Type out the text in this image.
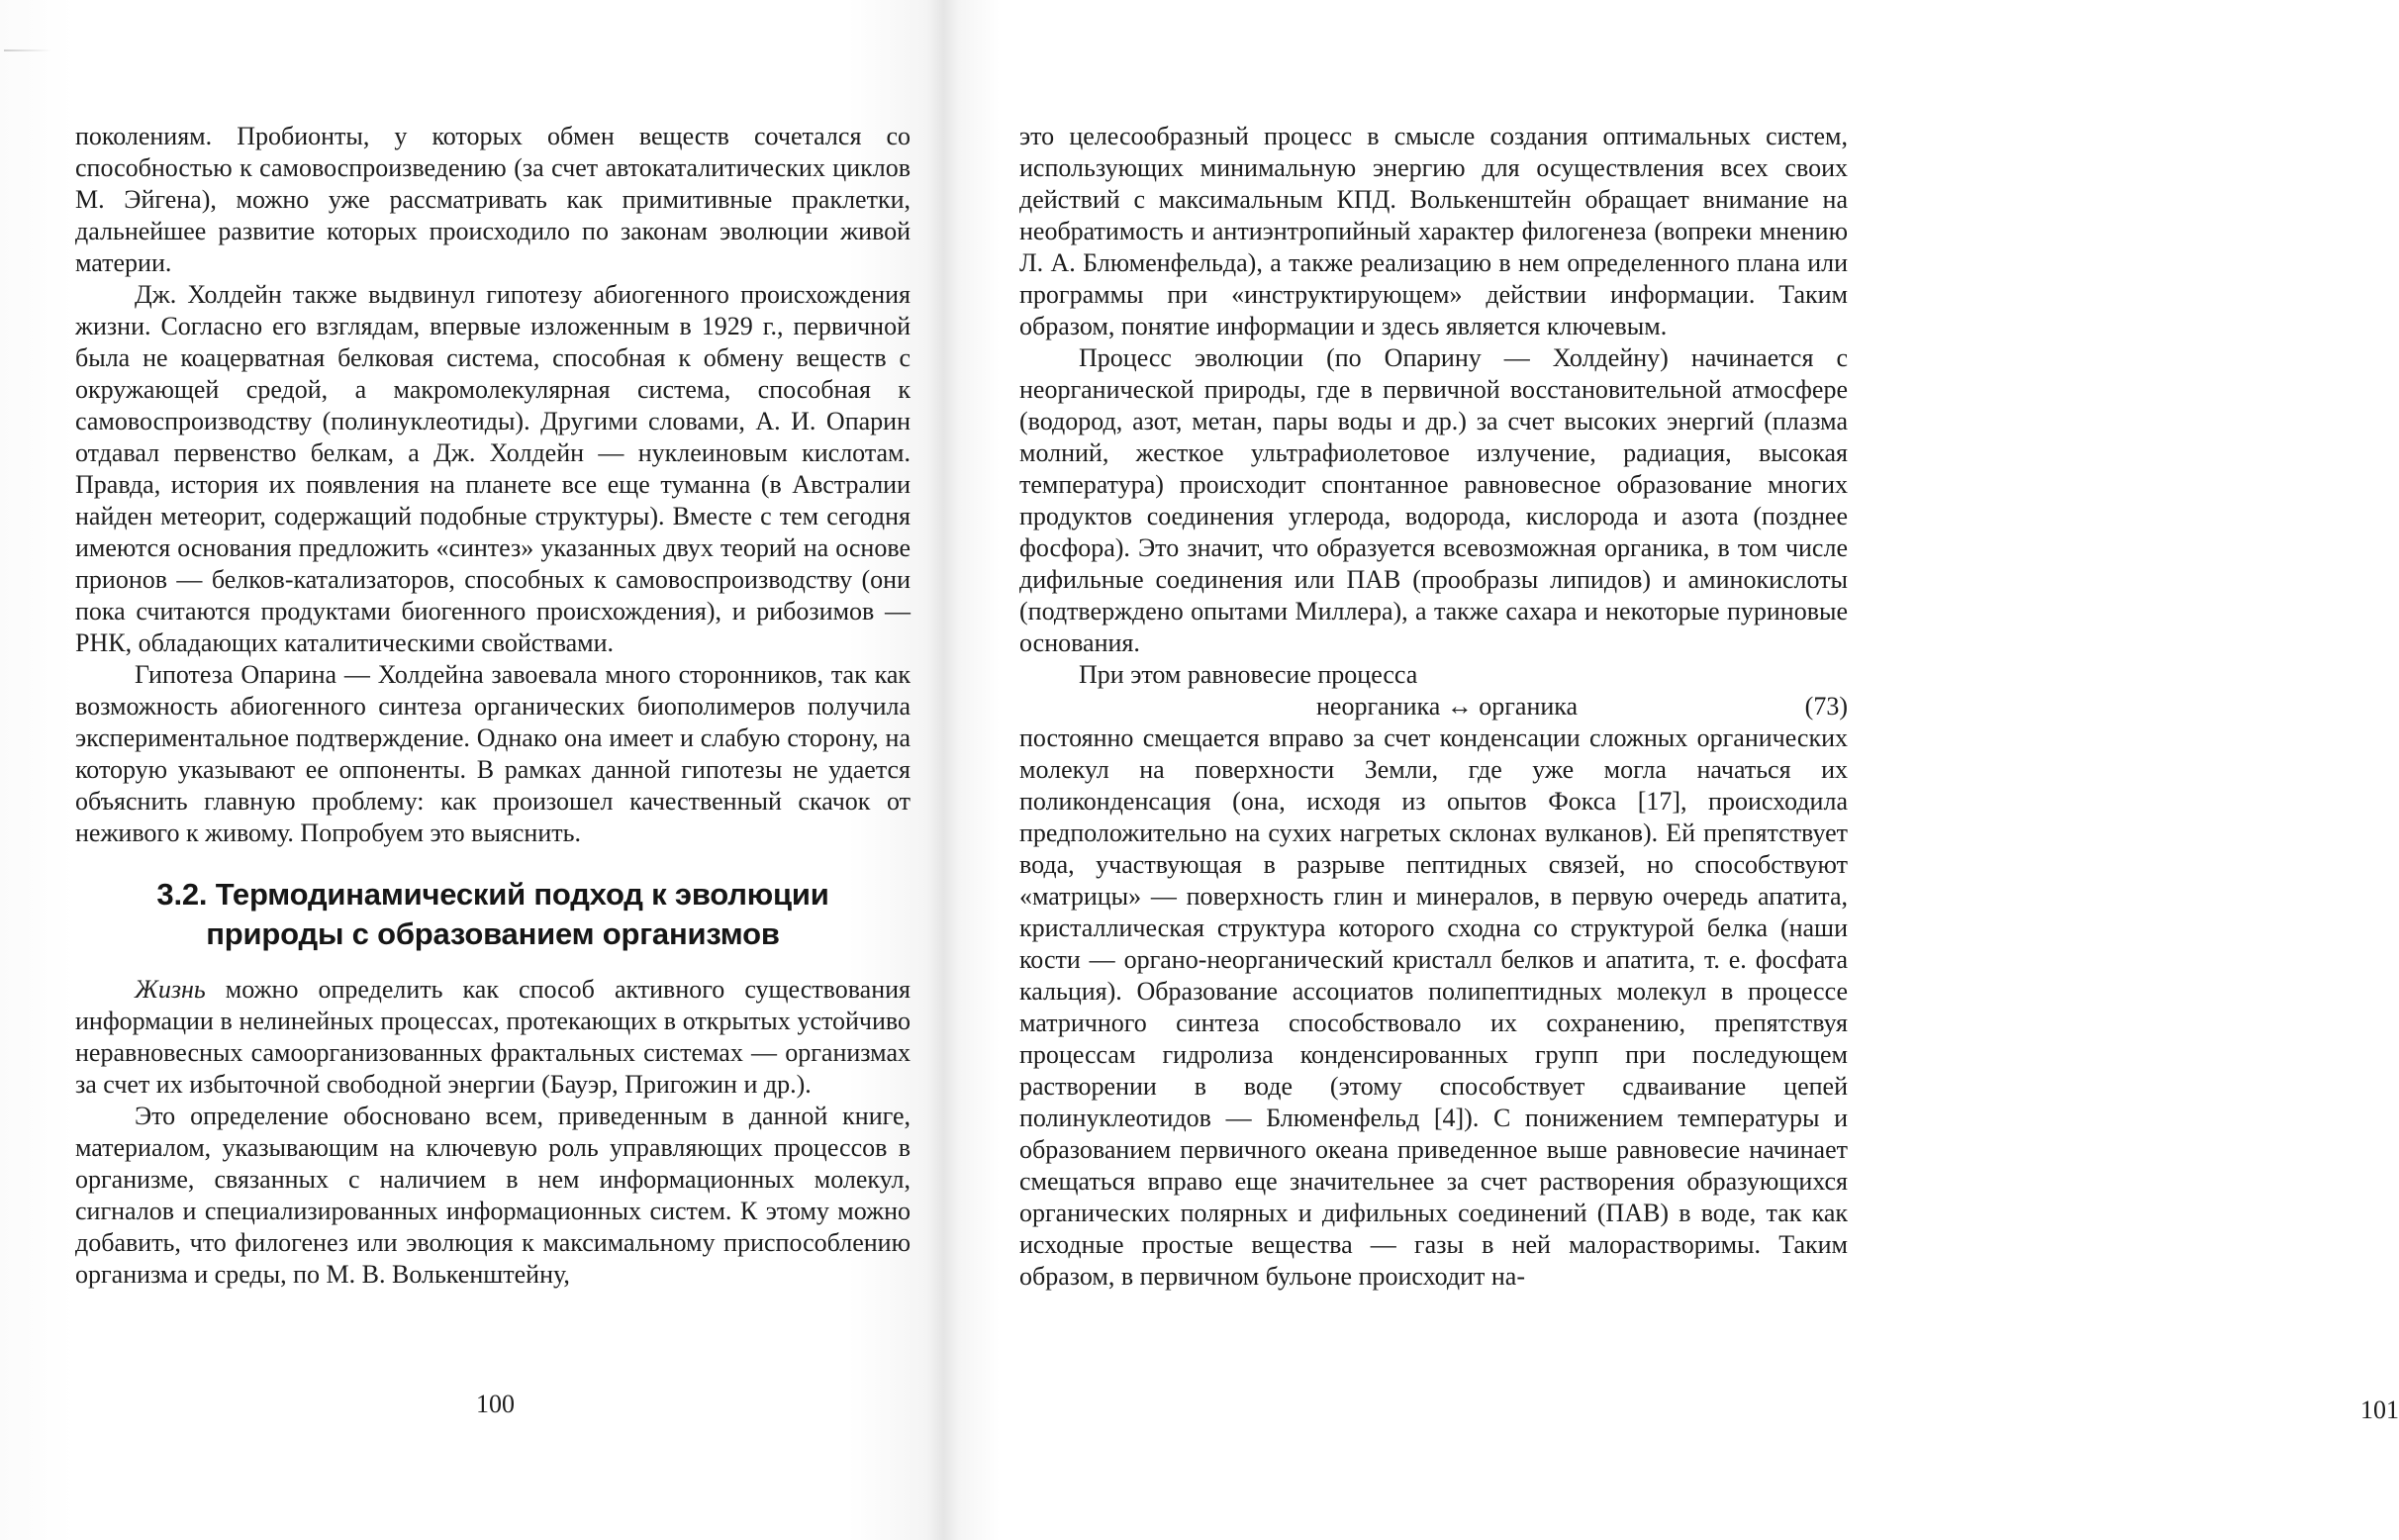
поколениям. Пробионты, у которых обмен веществ сочетался со способностью к самовоспроизведению (за счет автокаталитических циклов М. Эйгена), можно уже рассматривать как примитивные праклетки, дальнейшее развитие которых происходило по законам эволюции живой материи.

Дж. Холдейн также выдвинул гипотезу абиогенного происхождения жизни. Согласно его взглядам, впервые изложенным в 1929 г., первичной была не коацерватная белковая система, способная к обмену веществ с окружающей средой, а макромолекулярная система, способная к самовоспроизводству (полинуклеотиды). Другими словами, А. И. Опарин отдавал первенство белкам, а Дж. Холдейн — нуклеиновым кислотам. Правда, история их появления на планете все еще туманна (в Австралии найден метеорит, содержащий подобные структуры). Вместе с тем сегодня имеются основания предложить «синтез» указанных двух теорий на основе прионов — белков-катализаторов, способных к самовоспроизводству (они пока считаются продуктами биогенного происхождения), и рибозимов — РНК, обладающих каталитическими свойствами.

Гипотеза Опарина — Холдейна завоевала много сторонников, так как возможность абиогенного синтеза органических биополимеров получила экспериментальное подтверждение. Однако она имеет и слабую сторону, на которую указывают ее оппоненты. В рамках данной гипотезы не удается объяснить главную проблему: как произошел качественный скачок от неживого к живому. Попробуем это выяснить.

3.2. Термодинамический подход к эволюции
природы с образованием организмов

Жизнь можно определить как способ активного существования информации в нелинейных процессах, протекающих в открытых устойчиво неравновесных самоорганизованных фрактальных системах — организмах за счет их избыточной свободной энергии (Бауэр, Пригожин и др.).

Это определение обосновано всем, приведенным в данной книге, материалом, указывающим на ключевую роль управляющих процессов в организме, связанных с наличием в нем информационных молекул, сигналов и специализированных информационных систем. К этому можно добавить, что филогенез или эволюция к максимальному приспособлению организма и среды, по М. В. Волькенштейну,

100

это целесообразный процесс в смысле создания оптимальных систем, использующих минимальную энергию для осуществления всех своих действий с максимальным КПД. Волькенштейн обращает внимание на необратимость и антиэнтропийный характер филогенеза (вопреки мнению Л. А. Блюменфельда), а также реализацию в нем определенного плана или программы при «инструктирующем» действии информации. Таким образом, понятие информации и здесь является ключевым.

Процесс эволюции (по Опарину — Холдейну) начинается с неорганической природы, где в первичной восстановительной атмосфере (водород, азот, метан, пары воды и др.) за счет высоких энергий (плазма молний, жесткое ультрафиолетовое излучение, радиация, высокая температура) происходит спонтанное равновесное образование многих продуктов соединения углерода, водорода, кислорода и азота (позднее фосфора). Это значит, что образуется всевозможная органика, в том числе дифильные соединения или ПАВ (прообразы липидов) и аминокислоты (подтверждено опытами Миллера), а также сахара и некоторые пуриновые основания.

При этом равновесие процесса

неорганика ↔ органика	(73)

постоянно смещается вправо за счет конденсации сложных органических молекул на поверхности Земли, где уже могла начаться их поликонденсация (она, исходя из опытов Фокса [17], происходила предположительно на сухих нагретых склонах вулканов). Ей препятствует вода, участвующая в разрыве пептидных связей, но способствуют «матрицы» — поверхность глин и минералов, в первую очередь апатита, кристаллическая структура которого сходна со структурой белка (наши кости — органо-неорганический кристалл белков и апатита, т. е. фосфата кальция). Образование ассоциатов полипептидных молекул в процессе матричного синтеза способствовало их сохранению, препятствуя процессам гидролиза конденсированных групп при последующем растворении в воде (этому способствует сдваивание цепей полинуклеотидов — Блюменфельд [4]). С понижением температуры и образованием первичного океана приведенное выше равновесие начинает смещаться вправо еще значительнее за счет растворения образующихся органических полярных и дифильных соединений (ПАВ) в воде, так как исходные простые вещества — газы в ней малорастворимы. Таким образом, в первичном бульоне происходит на-

101
